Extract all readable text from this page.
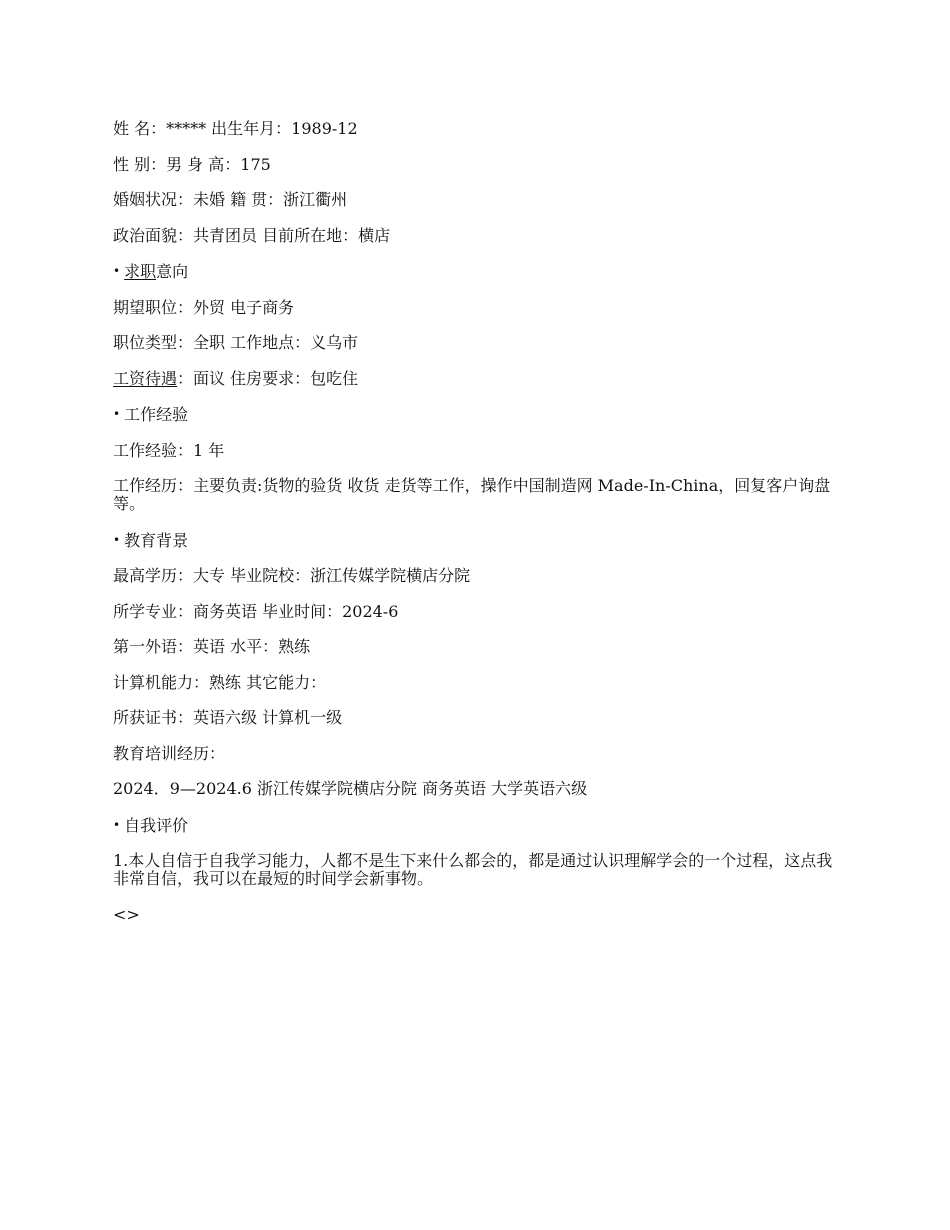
姓 名：***** 出生年月：1989-12
性 别：男 身 高：175
婚姻状况：未婚 籍 贯：浙江衢州
政治面貌：共青团员 目前所在地：横店
• 求职意向
期望职位：外贸 电子商务
职位类型：全职 工作地点：义乌市
工资待遇：面议 住房要求：包吃住
• 工作经验
工作经验：1 年
工作经历：主要负责:货物的验货 收货 走货等工作，操作中国制造网 Made-In-China，回复客户询盘等。
• 教育背景
最高学历：大专 毕业院校：浙江传媒学院横店分院
所学专业：商务英语 毕业时间：2024-6
第一外语：英语 水平：熟练
计算机能力：熟练 其它能力：
所获证书：英语六级 计算机一级
教育培训经历：
2024．9—2024.6 浙江传媒学院横店分院 商务英语 大学英语六级
• 自我评价
1.本人自信于自我学习能力，人都不是生下来什么都会的，都是通过认识理解学会的一个过程，这点我非常自信，我可以在最短的时间学会新事物。
<>
